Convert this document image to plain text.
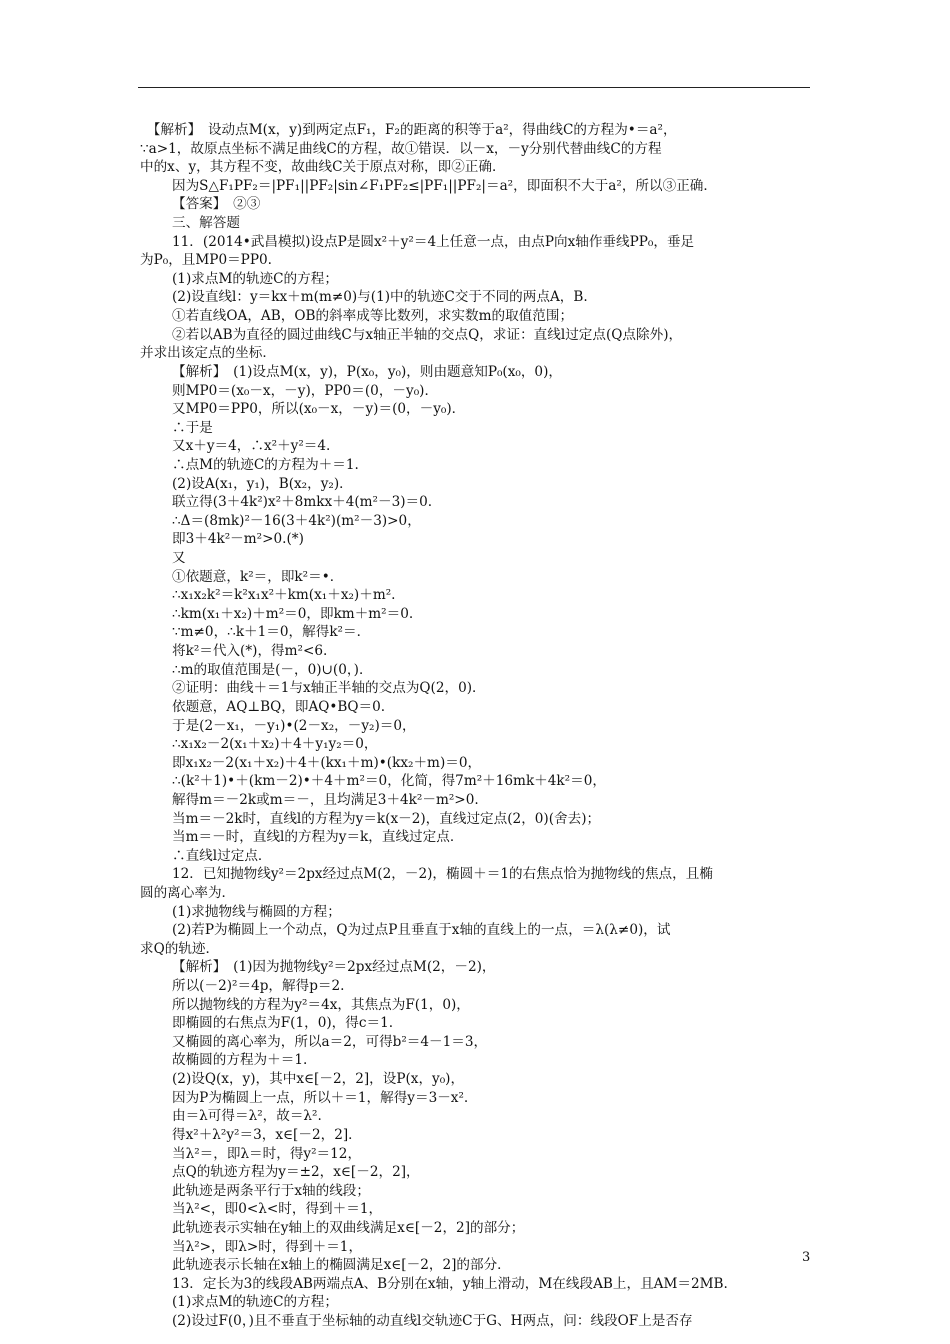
　【解析】　设动点M(x，y)到两定点F₁，F₂的距离的积等于a²，得曲线C的方程为•＝a²，
∵a>1，故原点坐标不满足曲线C的方程，故①错误．以－x，－y分别代替曲线C的方程
中的x、y，其方程不变，故曲线C关于原点对称，即②正确．
因为S△F₁PF₂＝|PF₁||PF₂|sin∠F₁PF₂≤|PF₁||PF₂|＝a²，即面积不大于a²，所以③正确．
【答案】　②③
三、解答题
11．(2014•武昌模拟)设点P是圆x²＋y²＝4上任意一点，由点P向x轴作垂线PP₀，垂足
为P₀，且MP0＝PP0.
(1)求点M的轨迹C的方程；
(2)设直线l：y＝kx＋m(m≠0)与(1)中的轨迹C交于不同的两点A，B.
①若直线OA，AB，OB的斜率成等比数列，求实数m的取值范围；
②若以AB为直径的圆过曲线C与x轴正半轴的交点Q，求证：直线l过定点(Q点除外)，
并求出该定点的坐标．
【解析】　(1)设点M(x，y)，P(x₀，y₀)，则由题意知P₀(x₀，0)，
则MP0＝(x₀－x，－y)，PP0＝(0，－y₀)．
又MP0＝PP0，所以(x₀－x，－y)＝(0，－y₀)．
∴于是
又x＋y＝4，∴x²＋y²＝4.
∴点M的轨迹C的方程为＋＝1.
(2)设A(x₁，y₁)，B(x₂，y₂)．
联立得(3＋4k²)x²＋8mkx＋4(m²－3)＝0.
∴Δ＝(8mk)²－16(3＋4k²)(m²－3)>0，
即3＋4k²－m²>0.(*)
又
①依题意，k²＝，即k²＝•．
∴x₁x₂k²＝k²x₁x²＋km(x₁＋x₂)＋m².
∴km(x₁＋x₂)＋m²＝0，即km＋m²＝0.
∵m≠0，∴k＋1＝0，解得k²＝．
将k²＝代入(*)，得m²<6.
∴m的取值范围是(－，0)∪(0，)．
②证明：曲线＋＝1与x轴正半轴的交点为Q(2，0)．
依题意，AQ⊥BQ，即AQ•BQ＝0.
于是(2－x₁，－y₁)•(2－x₂，－y₂)＝0，
∴x₁x₂－2(x₁＋x₂)＋4＋y₁y₂＝0，
即x₁x₂－2(x₁＋x₂)＋4＋(kx₁＋m)•(kx₂＋m)＝0，
∴(k²＋1)•＋(km－2)•＋4＋m²＝0，化简，得7m²＋16mk＋4k²＝0，
解得m＝－2k或m＝－，且均满足3＋4k²－m²>0.
当m＝－2k时，直线l的方程为y＝k(x－2)，直线过定点(2，0)(舍去)；
当m＝－时，直线l的方程为y＝k，直线过定点．
∴直线l过定点．
12．已知抛物线y²＝2px经过点M(2，－2)，椭圆＋＝1的右焦点恰为抛物线的焦点，且椭
圆的离心率为．
(1)求抛物线与椭圆的方程；
(2)若P为椭圆上一个动点，Q为过点P且垂直于x轴的直线上的一点，＝λ(λ≠0)，试
求Q的轨迹．
【解析】　(1)因为抛物线y²＝2px经过点M(2，－2)，
所以(－2)²＝4p，解得p＝2.
所以抛物线的方程为y²＝4x，其焦点为F(1，0)，
即椭圆的右焦点为F(1，0)，得c＝1.
又椭圆的离心率为，所以a＝2，可得b²＝4－1＝3，
故椭圆的方程为＋＝1.
(2)设Q(x，y)，其中x∈[－2，2]，设P(x，y₀)，
因为P为椭圆上一点，所以＋＝1，解得y＝3－x².
由＝λ可得＝λ²，故＝λ².
得x²＋λ²y²＝3，x∈[－2，2]．
当λ²＝，即λ＝时，得y²＝12，
点Q的轨迹方程为y＝±2，x∈[－2，2]，
此轨迹是两条平行于x轴的线段；
当λ²<，即0<λ<时，得到＋＝1，
此轨迹表示实轴在y轴上的双曲线满足x∈[－2，2]的部分；
当λ²>，即λ>时，得到＋＝1，
此轨迹表示长轴在x轴上的椭圆满足x∈[－2，2]的部分．
13．定长为3的线段AB两端点A、B分别在x轴，y轴上滑动，M在线段AB上，且AM＝2MB.
(1)求点M的轨迹C的方程；
(2)设过F(0，)且不垂直于坐标轴的动直线l交轨迹C于G、H两点，问：线段OF上是否存
3
